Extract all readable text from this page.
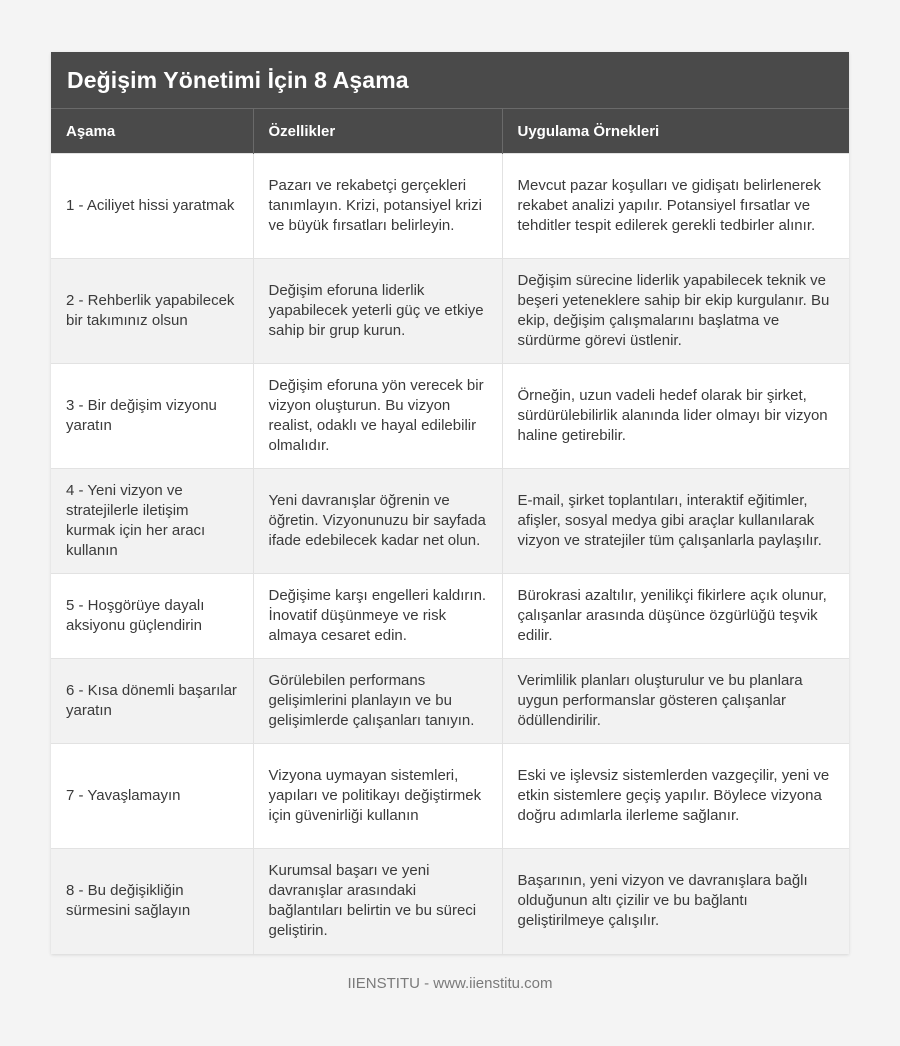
Değişim Yönetimi İçin 8 Aşama
Aşama	Özellikler	Uygulama Örnekleri
1 - Aciliyet hissi yaratmak	Pazarı ve rekabetçi gerçekleri tanımlayın. Krizi, potansiyel krizi ve büyük fırsatları belirleyin.	Mevcut pazar koşulları ve gidişatı belirlenerek rekabet analizi yapılır. Potansiyel fırsatlar ve tehditler tespit edilerek gerekli tedbirler alınır.
2 - Rehberlik yapabilecek bir takımınız olsun	Değişim eforuna liderlik yapabilecek yeterli güç ve etkiye sahip bir grup kurun.	Değişim sürecine liderlik yapabilecek teknik ve beşeri yeteneklere sahip bir ekip kurgulanır. Bu ekip, değişim çalışmalarını başlatma ve sürdürme görevi üstlenir.
3 - Bir değişim vizyonu yaratın	Değişim eforuna yön verecek bir vizyon oluşturun. Bu vizyon realist, odaklı ve hayal edilebilir olmalıdır.	Örneğin, uzun vadeli hedef olarak bir şirket, sürdürülebilirlik alanında lider olmayı bir vizyon haline getirebilir.
4 - Yeni vizyon ve stratejilerle iletişim kurmak için her aracı kullanın	Yeni davranışlar öğrenin ve öğretin. Vizyonunuzu bir sayfada ifade edebilecek kadar net olun.	E-mail, şirket toplantıları, interaktif eğitimler, afişler, sosyal medya gibi araçlar kullanılarak vizyon ve stratejiler tüm çalışanlarla paylaşılır.
5 - Hoşgörüye dayalı aksiyonu güçlendirin	Değişime karşı engelleri kaldırın. İnovatif düşünmeye ve risk almaya cesaret edin.	Bürokrasi azaltılır, yenilikçi fikirlere açık olunur, çalışanlar arasında düşünce özgürlüğü teşvik edilir.
6 - Kısa dönemli başarılar yaratın	Görülebilen performans gelişimlerini planlayın ve bu gelişimlerde çalışanları tanıyın.	Verimlilik planları oluşturulur ve bu planlara uygun performanslar gösteren çalışanlar ödüllendirilir.
7 - Yavaşlamayın	Vizyona uymayan sistemleri, yapıları ve politikayı değiştirmek için güvenirliği kullanın	Eski ve işlevsiz sistemlerden vazgeçilir, yeni ve etkin sistemlere geçiş yapılır. Böylece vizyona doğru adımlarla ilerleme sağlanır.
8 - Bu değişikliğin sürmesini sağlayın	Kurumsal başarı ve yeni davranışlar arasındaki bağlantıları belirtin ve bu süreci geliştirin.	Başarının, yeni vizyon ve davranışlara bağlı olduğunun altı çizilir ve bu bağlantı geliştirilmeye çalışılır.
IIENSTITU - www.iienstitu.com
